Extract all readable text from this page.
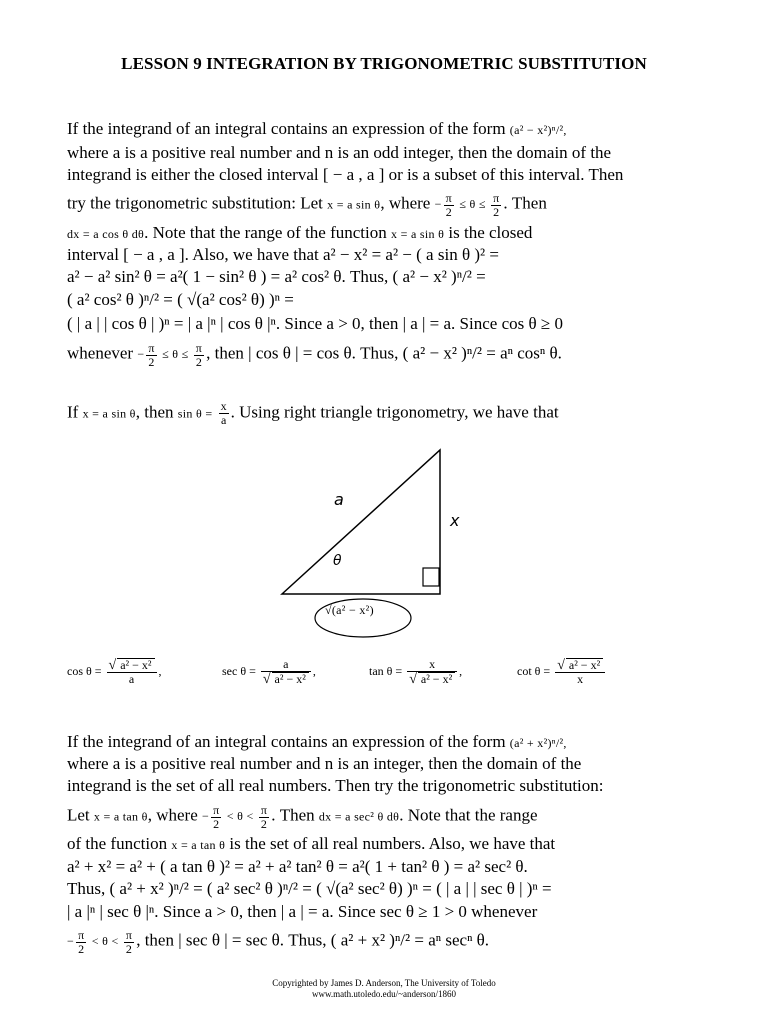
LESSON 9 INTEGRATION BY TRIGONOMETRIC SUBSTITUTION
If the integrand of an integral contains an expression of the form (a² − x²)ⁿ/²,
where a is a positive real number and n is an odd integer, then the domain of the
integrand is either the closed interval [ − a , a ] or is a subset of this interval. Then
try the trigonometric substitution: Let x = a sin θ, where − $\frac{\pi}{2} \le \theta \le \frac{\pi}{2}$ . Then
dx = a cos θ dθ. Note that the range of the function x = a sin θ is the closed
interval [ − a , a ]. Also, we have that a² − x² = a² − ( a sin θ )² =
a² − a² sin² θ = a²( 1 − sin² θ ) = a² cos² θ. Thus, ( a² − x² )ⁿ/² =
( a² cos² θ )ⁿ/² = ( √(a² cos² θ) )ⁿ =
( | a | | cos θ | )ⁿ = | a |ⁿ | cos θ |ⁿ. Since a > 0, then | a | = a. Since cos θ ≥ 0
whenever − $\frac{\pi}{2} \le \theta \le \frac{\pi}{2}$ , then | cos θ | = cos θ. Thus, ( a² − x² )ⁿ/² = aⁿ cosⁿ θ.
If x = a sin θ, then $\sin \theta = \frac{x}{a}$ . Using right triangle trigonometry, we have that
a
x
θ
√(a² − x²)
$\cos \theta = \frac{\text{√ a² − x²}}{a}$ ,	$\sec \theta = \frac{a}{\text{√ a² − x²}}$ ,	$\tan \theta = \frac{x}{\text{√ a² − x²}}$ ,	$\cot \theta = \frac{\text{√ a² − x²}}{x}$
If the integrand of an integral contains an expression of the form (a² + x²)ⁿ/²,
where a is a positive real number and n is an integer, then the domain of the
integrand is the set of all real numbers. Then try the trigonometric substitution:
Let x = a tan θ, where − $\frac{\pi}{2} < \theta < \frac{\pi}{2}$ . Then dx = a sec² θ dθ. Note that the range
of the function x = a tan θ is the set of all real numbers. Also, we have that
a² + x² = a² + ( a tan θ )² = a² + a² tan² θ = a²( 1 + tan² θ ) = a² sec² θ.
Thus, ( a² + x² )ⁿ/² = ( a² sec² θ )ⁿ/² = ( √(a² sec² θ) )ⁿ = ( | a | | sec θ | )ⁿ =
| a |ⁿ | sec θ |ⁿ. Since a > 0, then | a | = a. Since sec θ ≥ 1 > 0 whenever
− $\frac{\pi}{2} < \theta < \frac{\pi}{2}$ , then | sec θ | = sec θ. Thus, ( a² + x² )ⁿ/² = aⁿ secⁿ θ.
Copyrighted by James D. Anderson, The University of Toledo
www.math.utoledo.edu/~anderson/1860
